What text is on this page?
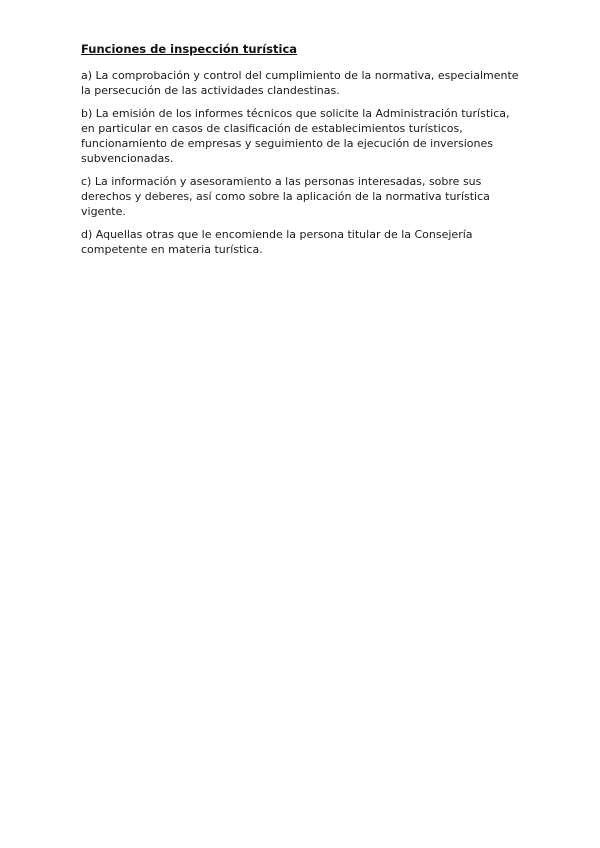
Funciones de inspección turística

a) La comprobación y control del cumplimiento de la normativa, especialmente la persecución de las actividades clandestinas.

b) La emisión de los informes técnicos que solicite la Administración turística, en particular en casos de clasificación de establecimientos turísticos, funcionamiento de empresas y seguimiento de la ejecución de inversiones subvencionadas.

c) La información y asesoramiento a las personas interesadas, sobre sus derechos y deberes, así como sobre la aplicación de la normativa turística vigente.

d) Aquellas otras que le encomiende la persona titular de la Consejería competente en materia turística.
